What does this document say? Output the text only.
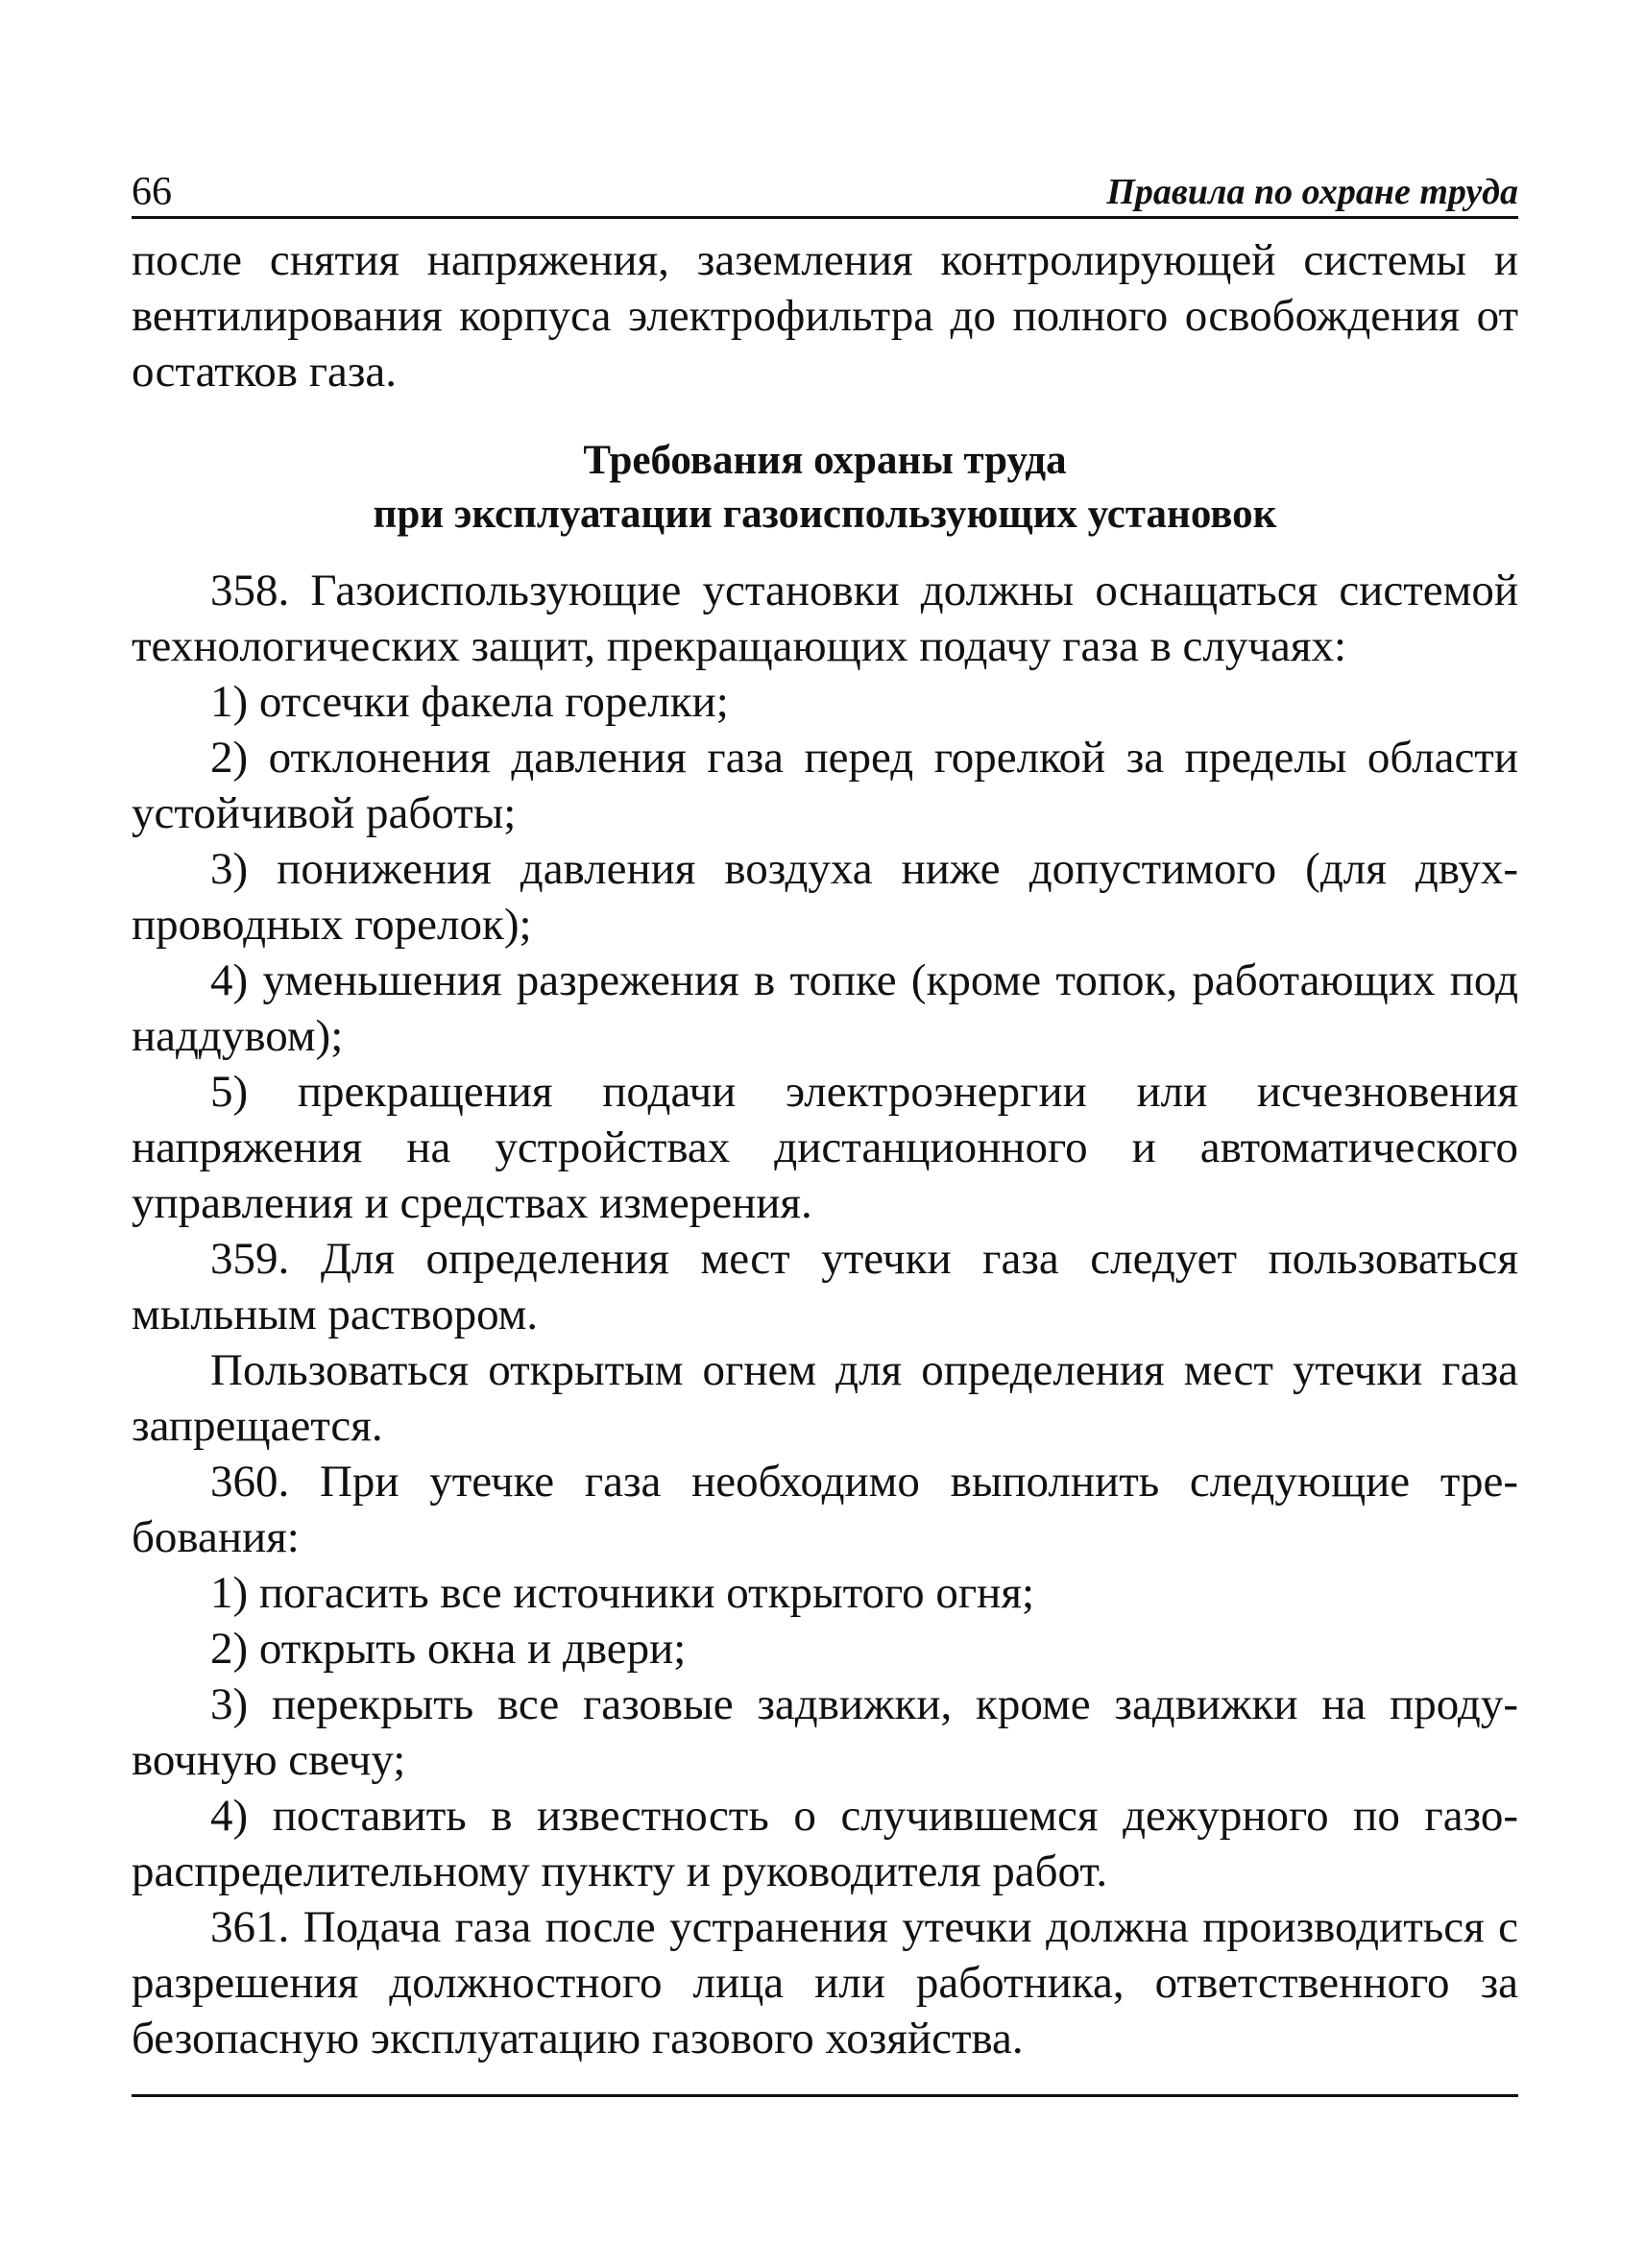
66	Правила по охране труда

после снятия напряжения, заземления контролирующей системы и вентилирования корпуса электрофильтра до полного освобождения от остатков газа.

Требования охраны труда
при эксплуатации газоиспользующих установок

358. Газоиспользующие установки должны оснащаться системой технологических защит, прекращающих подачу газа в случаях:

1) отсечки факела горелки;

2) отклонения давления газа перед горелкой за пределы области устойчивой работы;

3) понижения давления воздуха ниже допустимого (для двухпроводных горелок);

4) уменьшения разрежения в топке (кроме топок, работающих под наддувом);

5) прекращения подачи электроэнергии или исчезновения напряжения на устройствах дистанционного и автоматического управления и средствах измерения.

359. Для определения мест утечки газа следует пользоваться мыльным раствором.

Пользоваться открытым огнем для определения мест утечки газа запрещается.

360. При утечке газа необходимо выполнить следующие требования:

1) погасить все источники открытого огня;

2) открыть окна и двери;

3) перекрыть все газовые задвижки, кроме задвижки на продувочную свечу;

4) поставить в известность о случившемся дежурного по газораспределительному пункту и руководителя работ.

361. Подача газа после устранения утечки должна производиться с разрешения должностного лица или работника, ответственного за безопасную эксплуатацию газового хозяйства.
